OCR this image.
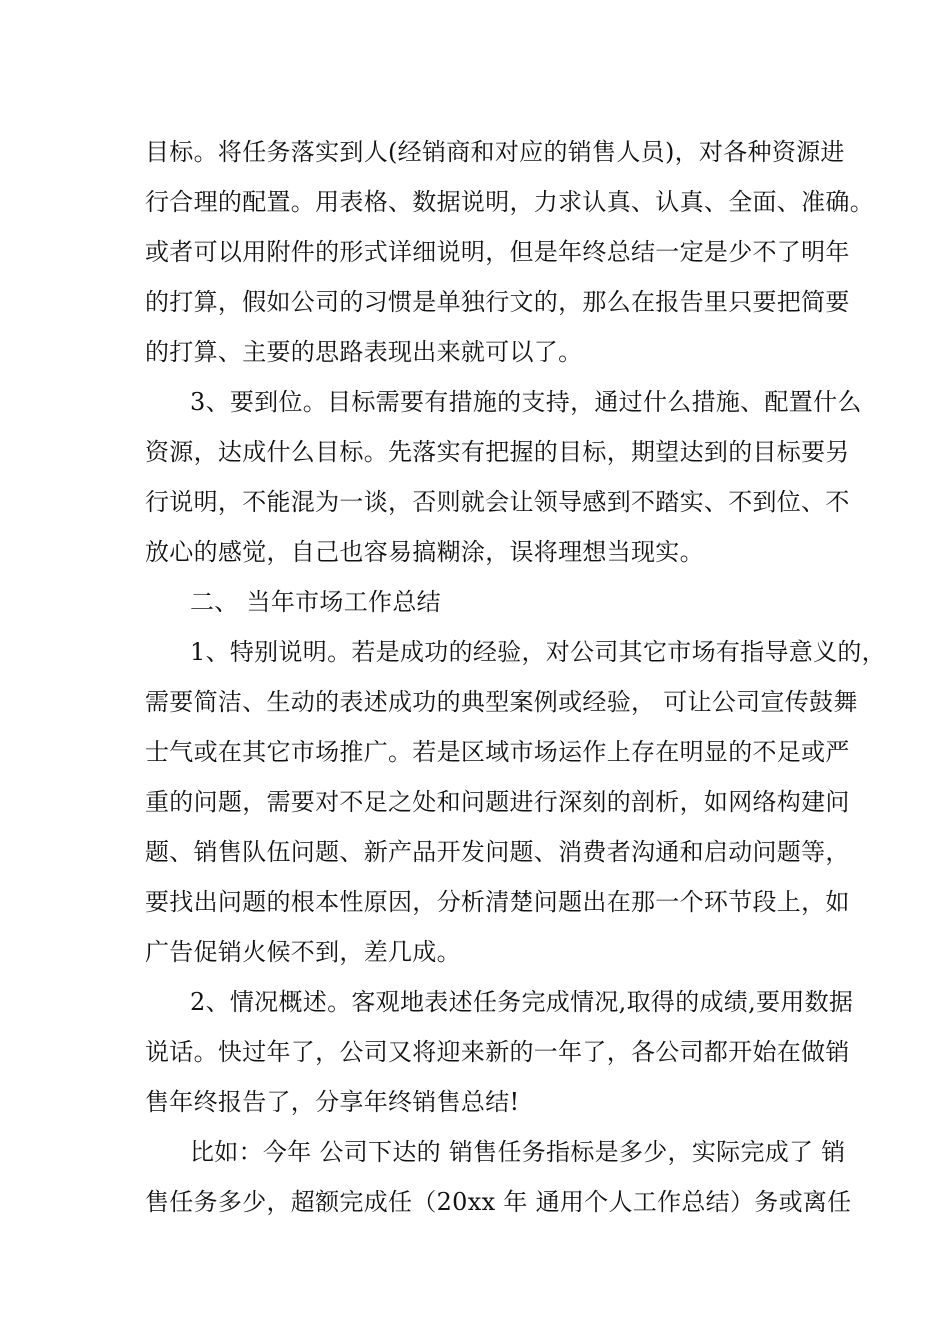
目标。将任务落实到人(经销商和对应的销售人员)，对各种资源进
行合理的配置。用表格、数据说明，力求认真、认真、全面、准确。
或者可以用附件的形式详细说明，但是年终总结一定是少不了明年
的打算，假如公司的习惯是单独行文的，那么在报告里只要把简要
的打算、主要的思路表现出来就可以了。
3、要到位。目标需要有措施的支持，通过什么措施、配置什么
资源，达成什么目标。先落实有把握的目标，期望达到的目标要另
行说明，不能混为一谈，否则就会让领导感到不踏实、不到位、不
放心的感觉，自己也容易搞糊涂，误将理想当现实。
二、 当年市场工作总结
1、特别说明。若是成功的经验，对公司其它市场有指导意义的，
需要简洁、生动的表述成功的典型案例或经验， 可让公司宣传鼓舞
士气或在其它市场推广。若是区域市场运作上存在明显的不足或严
重的问题，需要对不足之处和问题进行深刻的剖析，如网络构建问
题、销售队伍问题、新产品开发问题、消费者沟通和启动问题等，
要找出问题的根本性原因，分析清楚问题出在那一个环节段上，如
广告促销火候不到，差几成。
2、情况概述。客观地表述任务完成情况,取得的成绩,要用数据
说话。快过年了，公司又将迎来新的一年了，各公司都开始在做销
售年终报告了，分享年终销售总结!
比如：今年 公司下达的 销售任务指标是多少，实际完成了 销
售任务多少，超额完成任（20xx 年 通用个人工作总结）务或离任
